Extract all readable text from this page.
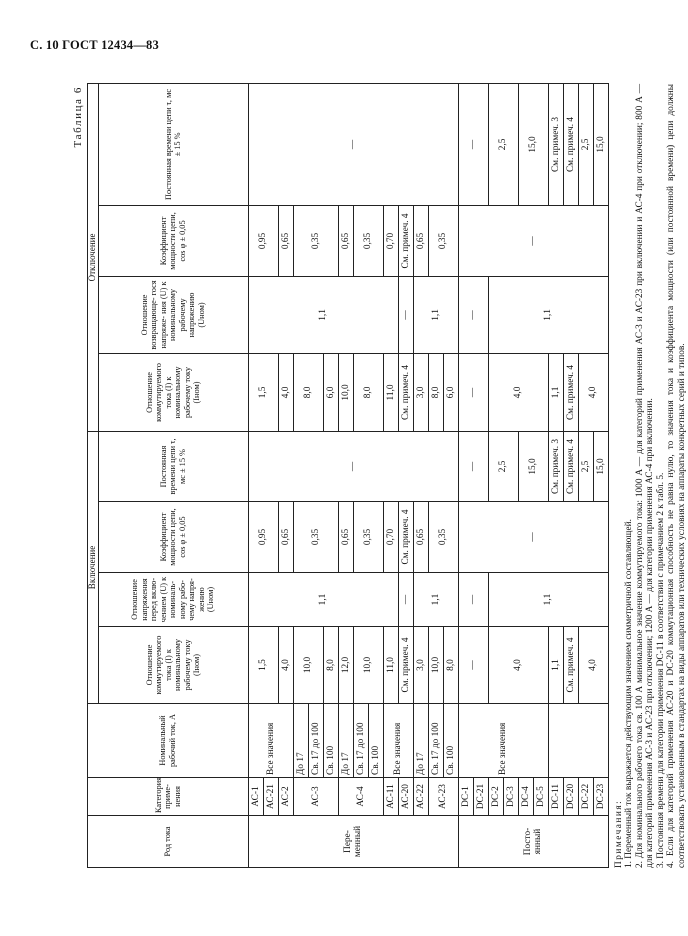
С. 10 ГОСТ 12434—83
Таблица 6
Род тока	Категория приме- нения	Номинальный рабочий ток, А	Включение				Отключение			
			Отношение коммутируемого тока (I) к номинальному рабочему току (Iном)	Отношение напряжения перед вклю- чением (U) к номиналь- ному рабо- чему напря- жению (Uном)	Коэффициент мощности цепи, cos φ ± 0,05	Постоянная времени цепи τ, мс ± 15 %	Отношение коммутируемого тока (I) к номинальному рабочему току (Iном)	Отношение возвращающе- гося напряже- ния (U) к номинальному рабочему напряжению (Uном)	Коэффициент мощности цепи, cos φ ± 0,05	Постоянная времени цепи τ, мс ± 15 %
Пере- менный	АС-1	Все значения	1,5	1,1	0,95	—	1,5	1,1	0,95	—
	АС-21									
	АС-2		4,0		0,65		4,0		0,65	
	АС-3	До 17	10,0		0,35		8,0		0,35	
		Св. 17 до 100								
		Св. 100	8,0				6,0			
	АС-4	До 17	12,0		0,65		10,0		0,65	
		Св. 17 до 100	10,0		0,35		8,0		0,35	
		Св. 100								
	АС-11	Все значения	11,0		0,70		11,0		0,70	
	АС-20		См. примеч. 4	—	См. примеч. 4		См. примеч. 4	—	См. примеч. 4	
	АС-22	До 17	3,0	1,1	0,65		3,0	1,1	0,65	
	АС-23	Св. 17 до 100	10,0		0,35		8,0		0,35	
		Св. 100	8,0				6,0			
Посто- янный	DС-1	Все значения	—	—	—	—	—	—	—	—
	DС-21									
	DС-2		4,0	1,1		2,5	4,0	1,1		2,5
	DС-3									
	DС-4					15,0				15,0
	DС-5									
	DС-11		1,1			См. примеч. 3	1,1			См. примеч. 3
	DС-20		См. примеч. 4			См. примеч. 4	См. примеч. 4			См. примеч. 4
	DС-22		4,0			2,5	4,0			2,5
	DС-23					15,0				15,0

Примечания: 1. Переменный ток выражается действующим значением симметричной составляющей. 2. Для номинального рабочего тока св. 100 А минимальное значение коммутируемого тока: 1000 А — для категорий применения АС-3 и АС-23 при включении и АС-4 при отключении; 800 А — для категорий применения АС-3 и АС-23 при отключении; 1200 А — для категории применения АС-4 при включении. 3. Постоянная времени для категории применения DС-11 в соответствии с примечанием 2 к табл. 5. 4. Если для категорий применения АС-20 и DС-20 коммутационная способность не равна нулю, то значения тока и коэффициента мощности (или постоянной времени) цепи должны соответствовать установленным в стандартах на виды аппаратов или технических условиях на аппараты конкретных серий и типов.
